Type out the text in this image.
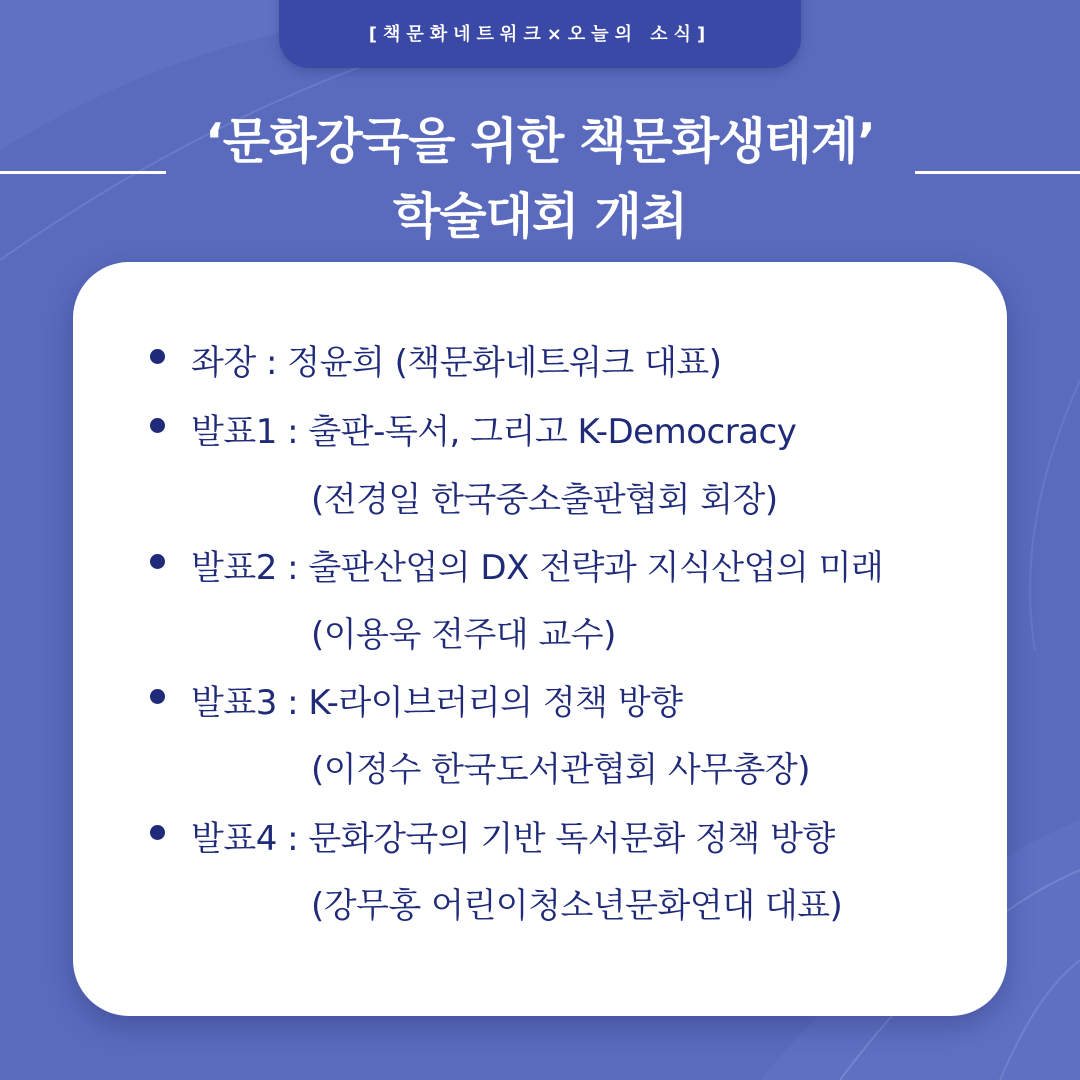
[책문화네트워크×오늘의 소식]
‘문화강국을 위한 책문화생태계’
학술대회 개최
좌장 : 정윤희 (책문화네트워크 대표)
발표1 : 출판-독서, 그리고 K-Democracy
(전경일 한국중소출판협회 회장)
발표2 : 출판산업의 DX 전략과 지식산업의 미래
(이용욱 전주대 교수)
발표3 : K-라이브러리의 정책 방향
(이정수 한국도서관협회 사무총장)
발표4 : 문화강국의 기반 독서문화 정책 방향
(강무홍 어린이청소년문화연대 대표)
